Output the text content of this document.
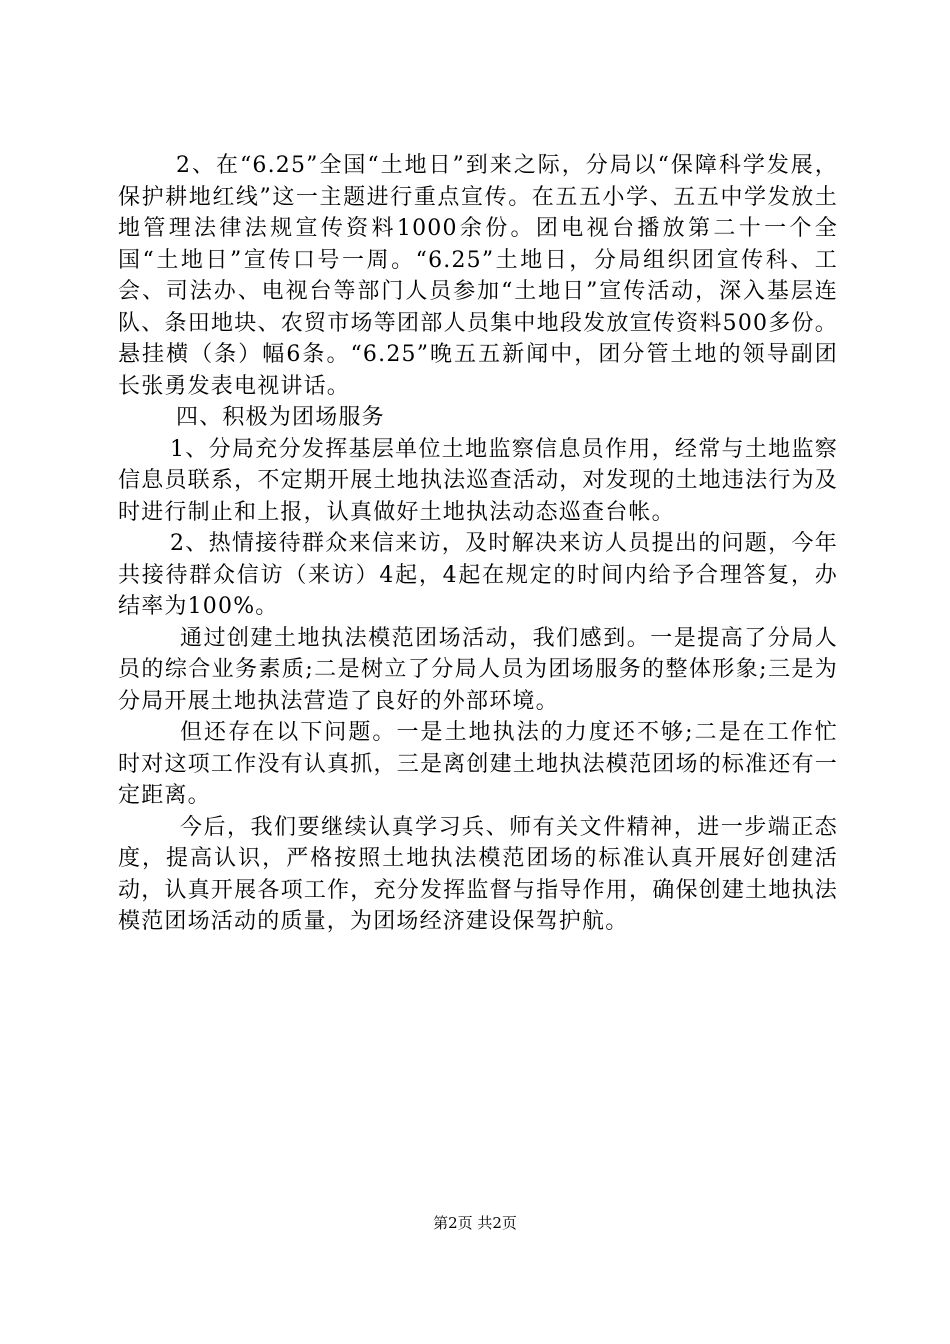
2、在“6.25”全国“土地日”到来之际，分局以“保障科学发展，保护耕地红线”这一主题进行重点宣传。在五五小学、五五中学发放土地管理法律法规宣传资料1000余份。团电视台播放第二十一个全国“土地日”宣传口号一周。“6.25”土地日，分局组织团宣传科、工会、司法办、电视台等部门人员参加“土地日”宣传活动，深入基层连队、条田地块、农贸市场等团部人员集中地段发放宣传资料500多份。悬挂横（条）幅6条。“6.25”晚五五新闻中，团分管土地的领导副团长张勇发表电视讲话。

四、积极为团场服务

1、分局充分发挥基层单位土地监察信息员作用，经常与土地监察信息员联系，不定期开展土地执法巡查活动，对发现的土地违法行为及时进行制止和上报，认真做好土地执法动态巡查台帐。

2、热情接待群众来信来访，及时解决来访人员提出的问题，今年共接待群众信访（来访）4起，4起在规定的时间内给予合理答复，办结率为100%。

通过创建土地执法模范团场活动，我们感到。一是提高了分局人员的综合业务素质;二是树立了分局人员为团场服务的整体形象;三是为分局开展土地执法营造了良好的外部环境。

但还存在以下问题。一是土地执法的力度还不够;二是在工作忙时对这项工作没有认真抓，三是离创建土地执法模范团场的标准还有一定距离。

今后，我们要继续认真学习兵、师有关文件精神，进一步端正态度，提高认识，严格按照土地执法模范团场的标准认真开展好创建活动，认真开展各项工作，充分发挥监督与指导作用，确保创建土地执法模范团场活动的质量，为团场经济建设保驾护航。

第2页 共2页
